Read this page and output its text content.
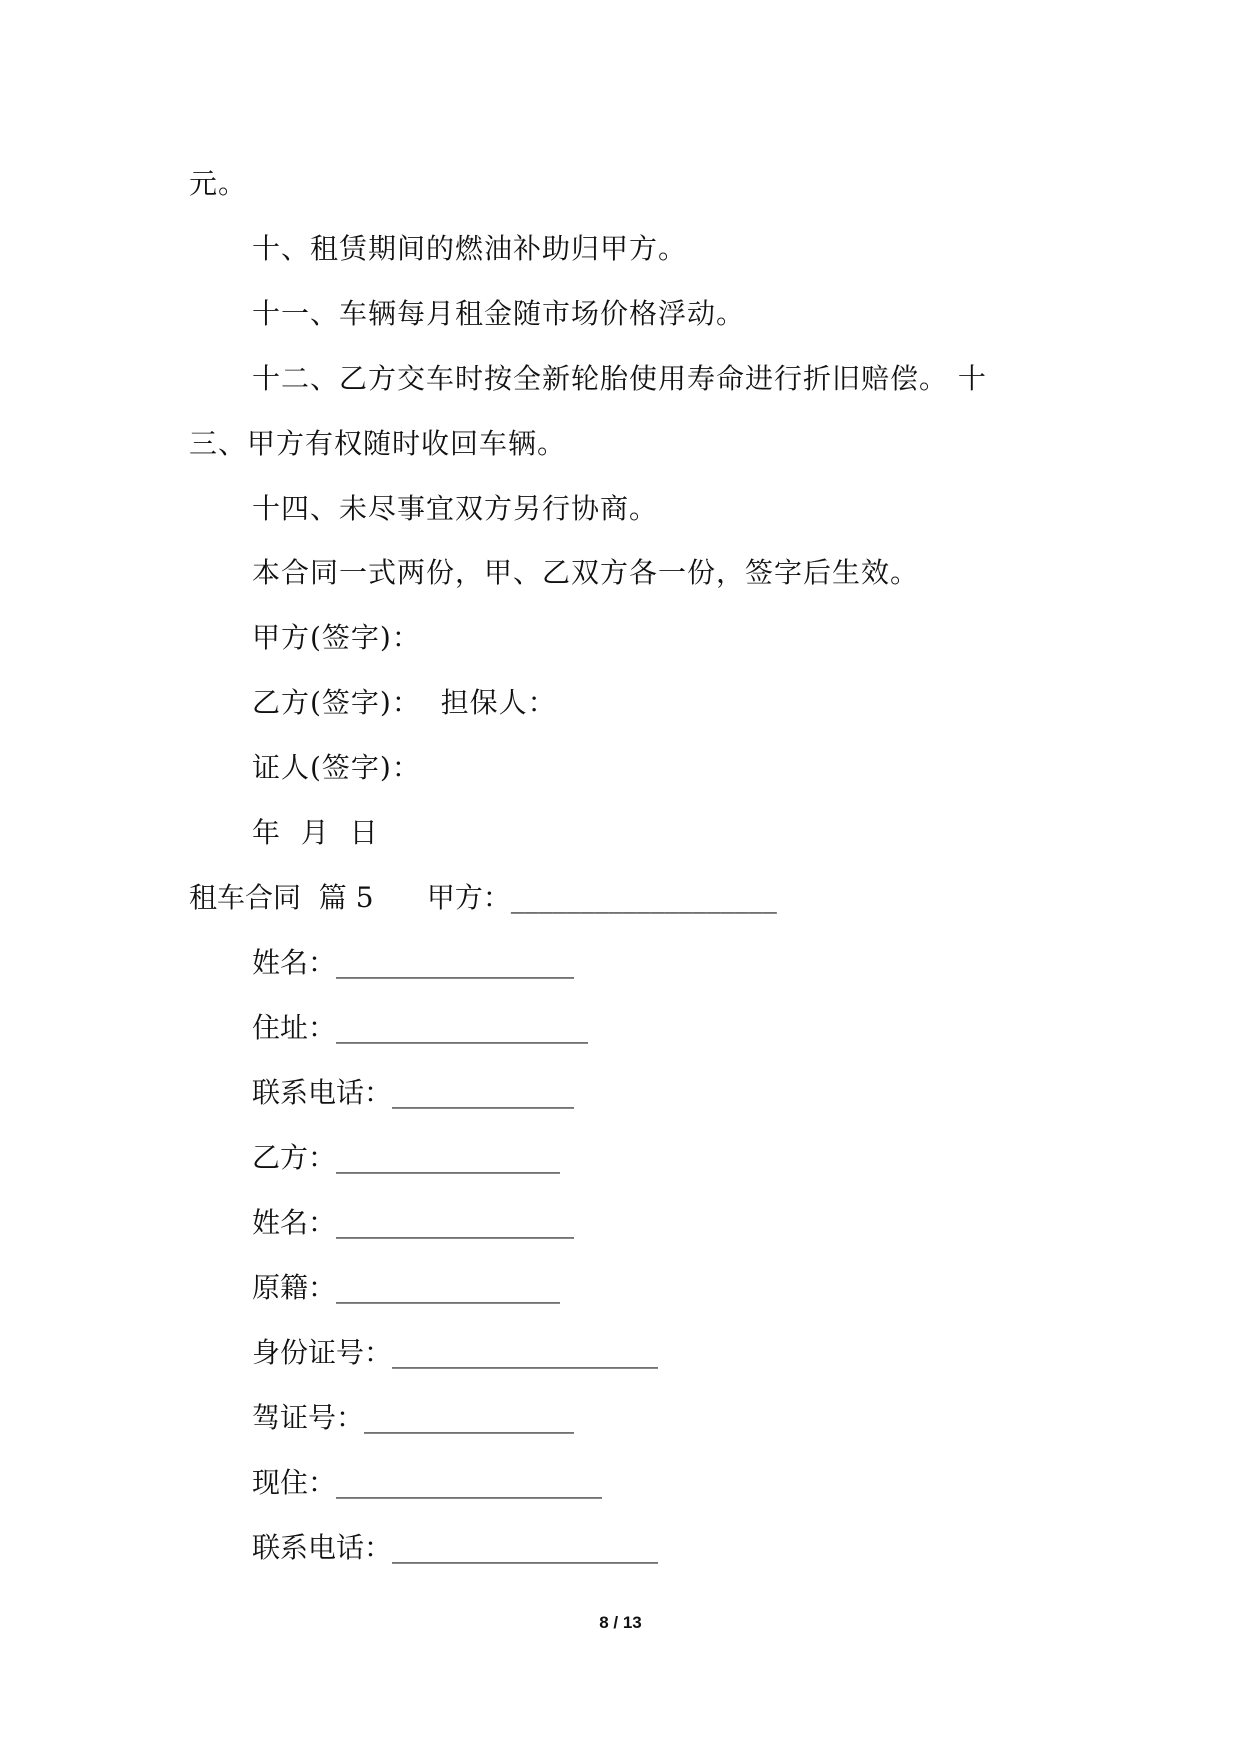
元。
十、租赁期间的燃油补助归甲方。
十一、车辆每月租金随市场价格浮动。
十二、乙方交车时按全新轮胎使用寿命进行折旧赔偿。 十
三、甲方有权随时收回车辆。
十四、未尽事宜双方另行协商。
本合同一式两份，甲、乙双方各一份，签字后生效。
甲方(签字)：
乙方(签字)：  担保人：
证人(签字)：
年  月  日
租车合同  篇 5      甲方：___________________
姓名：_________________
住址：__________________
联系电话：_____________
乙方：________________
姓名：_________________
原籍：________________
身份证号：___________________
驾证号：_______________
现住：___________________
联系电话：___________________
8 / 13
